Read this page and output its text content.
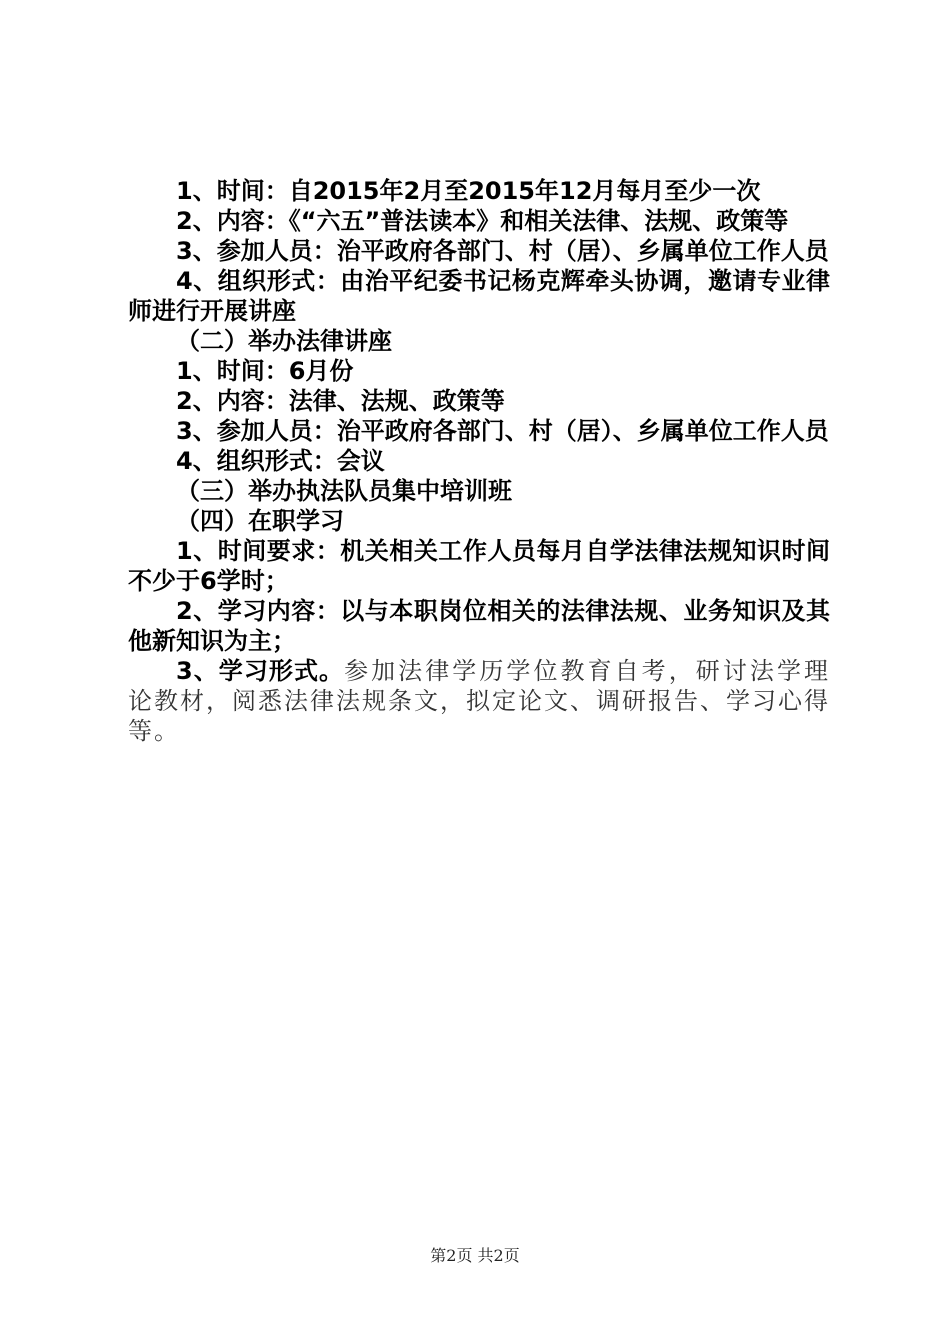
1、时间：自2015年2月至2015年12月每月至少一次

2、内容：《“六五”普法读本》和相关法律、法规、政策等

3、参加人员：治平政府各部门、村（居）、乡属单位工作人员

4、组织形式：由治平纪委书记杨克辉牵头协调，邀请专业律师进行开展讲座

（二）举办法律讲座

1、时间：6月份

2、内容：法律、法规、政策等

3、参加人员：治平政府各部门、村（居）、乡属单位工作人员

4、组织形式：会议

（三）举办执法队员集中培训班

（四）在职学习

1、时间要求：机关相关工作人员每月自学法律法规知识时间不少于6学时；

2、学习内容：以与本职岗位相关的法律法规、业务知识及其他新知识为主；

3、学习形式。参加法律学历学位教育自考，研讨法学理论教材，阅悉法律法规条文，拟定论文、调研报告、学习心得等。

第2页 共2页
